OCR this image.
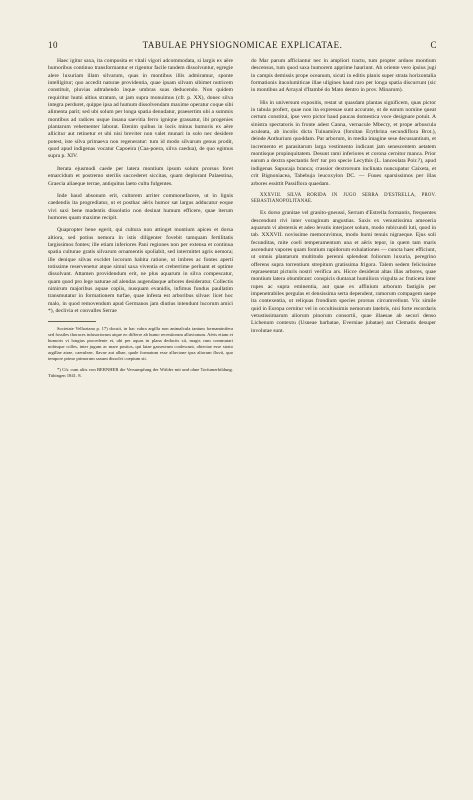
10	TABULAE PHYSIOGNOMICAE EXPLICATAE.	C

Haec igitur saxa, ita composita et vitali vigori adcommodata, si largis ex aëre humoribus continuo transformantur et rigentur facile tandem dissolvuntur, egregie alere luxuriam illam silvarum, quas in montibus illis admiramur, sponte intelligitur; quo accedit naturae providentia, quae ipsam silvam sibimet nutricem constituit, pluvias adtrahendo inque umbras suas deducendo. Non quidem requiritur humi altius stratum, ut jam supra monuimus (cfr. p. XX), donec silva integra perduret, quippe ipsa ad humum dissolvendam maxime operatur coque sibi alimenta parit; sed ubi solum per longa spatia denudatur, praesertim ubi a summis montibus ad radices usque insana saevitia ferro igniqne grassatur, ibi progenies plantarum vehementer laborat. Etenim quibus in locis minus humoris ex aëre allicitur aut retinetur et ubi nisi breviter non valet munari in solo nec desidere potest, iste silva primaeva non regeneratur: tum id modo silvarum genus prodit, quod apud indigenas vocatur Capoeira (Caa-poera, silva caedua), de quo egimus supra p. XIV.

Iterata ejusmodi caede per latera montium ipsum solum prorsus foret emarcidum et postremo sterilis succederet siccitas, quam deplorant Palaestina, Graecia aliaeque terrae, antiquitus laeto cultu fulgentes.

Inde haud absonum erit, cultorem arriter commonefacere, ut in lignis caedendis ita progrediatur, ut et posthac aëris humor sat largus adducatur eoque vivi saxi bene madentis dissolutio non desinat humum efficere, quae iterum humores quam maxime recipit.

Quapropter bene egerit, qui cultura non attinget montium apices et dorsa altiora, sed potius nemora in istis diligenter fovebit tamquam fertilitatis largissimos fontes; ille etiam inferiores Pani regiones non per extensa et continua spatia culturae gratis silvarum ornamentis spoliabit, sed intermittet agris nemora; ille denique silvas excidet locorum habita ratione, ut imbres ac fontes aperti totissime reservenetur atque simul saxa viventia et creberrime perluant et optime dissolvant. Attamen providendum erit, ne plus aquarum in silva compescatur, quam quod pro lege naturae ad alendas augendasque arbores desideratur. Collectis nimirum majoribus aquae copiis, nusquam evanidis, infimus fundus paullatim transmutatur in formationem turfae, quae infesta est arboribus silvae: licet hoc malo, in quod removendum apud Germanos jam diutius intendunt lucorum amici *), declivia et convalles Serrae

Societate Velloziana p. 17) docuit, in hac rubra argilla non animalcula tantum formaminifera sed fossiles thoraces infusoriorum atque eo differre ab humo recentiorum alluvionum. Aëris etiam et humoris vi longius procedente et, ubi per aquas in plana deductis sit, magis cum commutari nobisque colles, inter jugum ac mare positos, qui latae gasseorum coalescunt, obtectae esse strato argillae atrae, caeruleae, flavae aut albae, quale formatum esse alluvione ipsa aliorum fluvii, quo tempore primo primorum saxum dissolvi coeptum sit.

*) Cfr. cum aliis von BERNHER die Versumpfung der Wälder mit und ohne Torfumerbildung. Tübingen 1841. 8.

do Mar parum afficiantur nec in ampliori tractu, tum propter arduos montium descensus, tum quod saxa humorem apprime hauriunt. Ab oriente vero ipsius jugi in campis demissis prope oceanum, sicuti in editis planis super strata horizontalia formationis itacolumiticae illae uligines haud raro per longa spatia discurrunt (sic in montibus ad Arrayal d'Itambé do Mato dentro in prov. Minarum).

His in universum expositis, restat ut quasdam plantas significem, quas pictor in tabula profert, quae non ita expressae sunt accurate, ut de earum nomine queat certum constitui, ipse vero pictor haud paucas domestica voce designare potuit. A sinistra spectatoris in fronte adest Canna, vernacule Mbecry, et prope arbuscula aculeata, ab incolis dicta Tuinamüva (forsitan Erythrina secundiflora Brot.), deinde Anthurium quoddam. Par arborum, in media imagine sese decussantium, et incremento et parasitarum larga vestimento indicant jam senescentem aetatem montisque propinquitatem. Desunt rami inferiores et corona cernitur manca. Prior earum a dextra spectantis fert' tur pro specie Lecythis (L. lanceolata Poir.?), apud indigenas Sapucaja branca; crassior dextrorsum inclinata nuncupatur Caixeta, et crit Bignoniacea, Tabebuja leucoxylon DC. — Fuues sparsissimos per illas arbores essittit Passiflora quaedam.

XXXVIII. SILVA RORIDA IN JUGO SERRA D'ESTRELLA, PROV. SEBASTIANOPOLITANAE.

Ex dorso granitae vel granito-gneussi, Serram d'Estrella formantis, frequentes descendunt rivi inter voraginum angustias. Saxis ex venustissima ameoeria aquarum vi abstersis et adeo levatis interjacet solum, modo rubicundi luti, quod in tab. XXXVII. novissime memoravimus, modo humi tenuis nigraeque. Ejus soli fecunditas, mite coeli temperamentum una et aëris tepor, in quem tam maris ascendunt vapores quam fontium rapidorum exhalationes — cuncta haec efficiunt, ut omnis plantarum multitudo perenni splendeat foliorum luxuria, peregrino offerens supra torrentium strepitum gratissima frigora. Talem sedem felicissime repraesentat picturis nostri verifica ars. Hicce desiderat altas illas arbores, quae montium latera obumbrant: conspicis duntaxat humiliora virgulta ac fruticeta inter rupes ac supra eminentia, aut quae ex affinium arborum fastigiis per impenetrabiles pergulas et densissima serta dependent, ramorum compagem saepe ita contexentia, ut reliquas frondium species prorsus circumveliunt. Vix simile quid in Europa cernitur vel in occultissimis nemorum latebris, nisi forte recordaris vetustissimarum aliorum pinorum consortii, quae illaesae ab securi denso Lichenum contextu (Usneae barbatae, Everniae jubatae) aut Clematis desuper involutae sunt.
